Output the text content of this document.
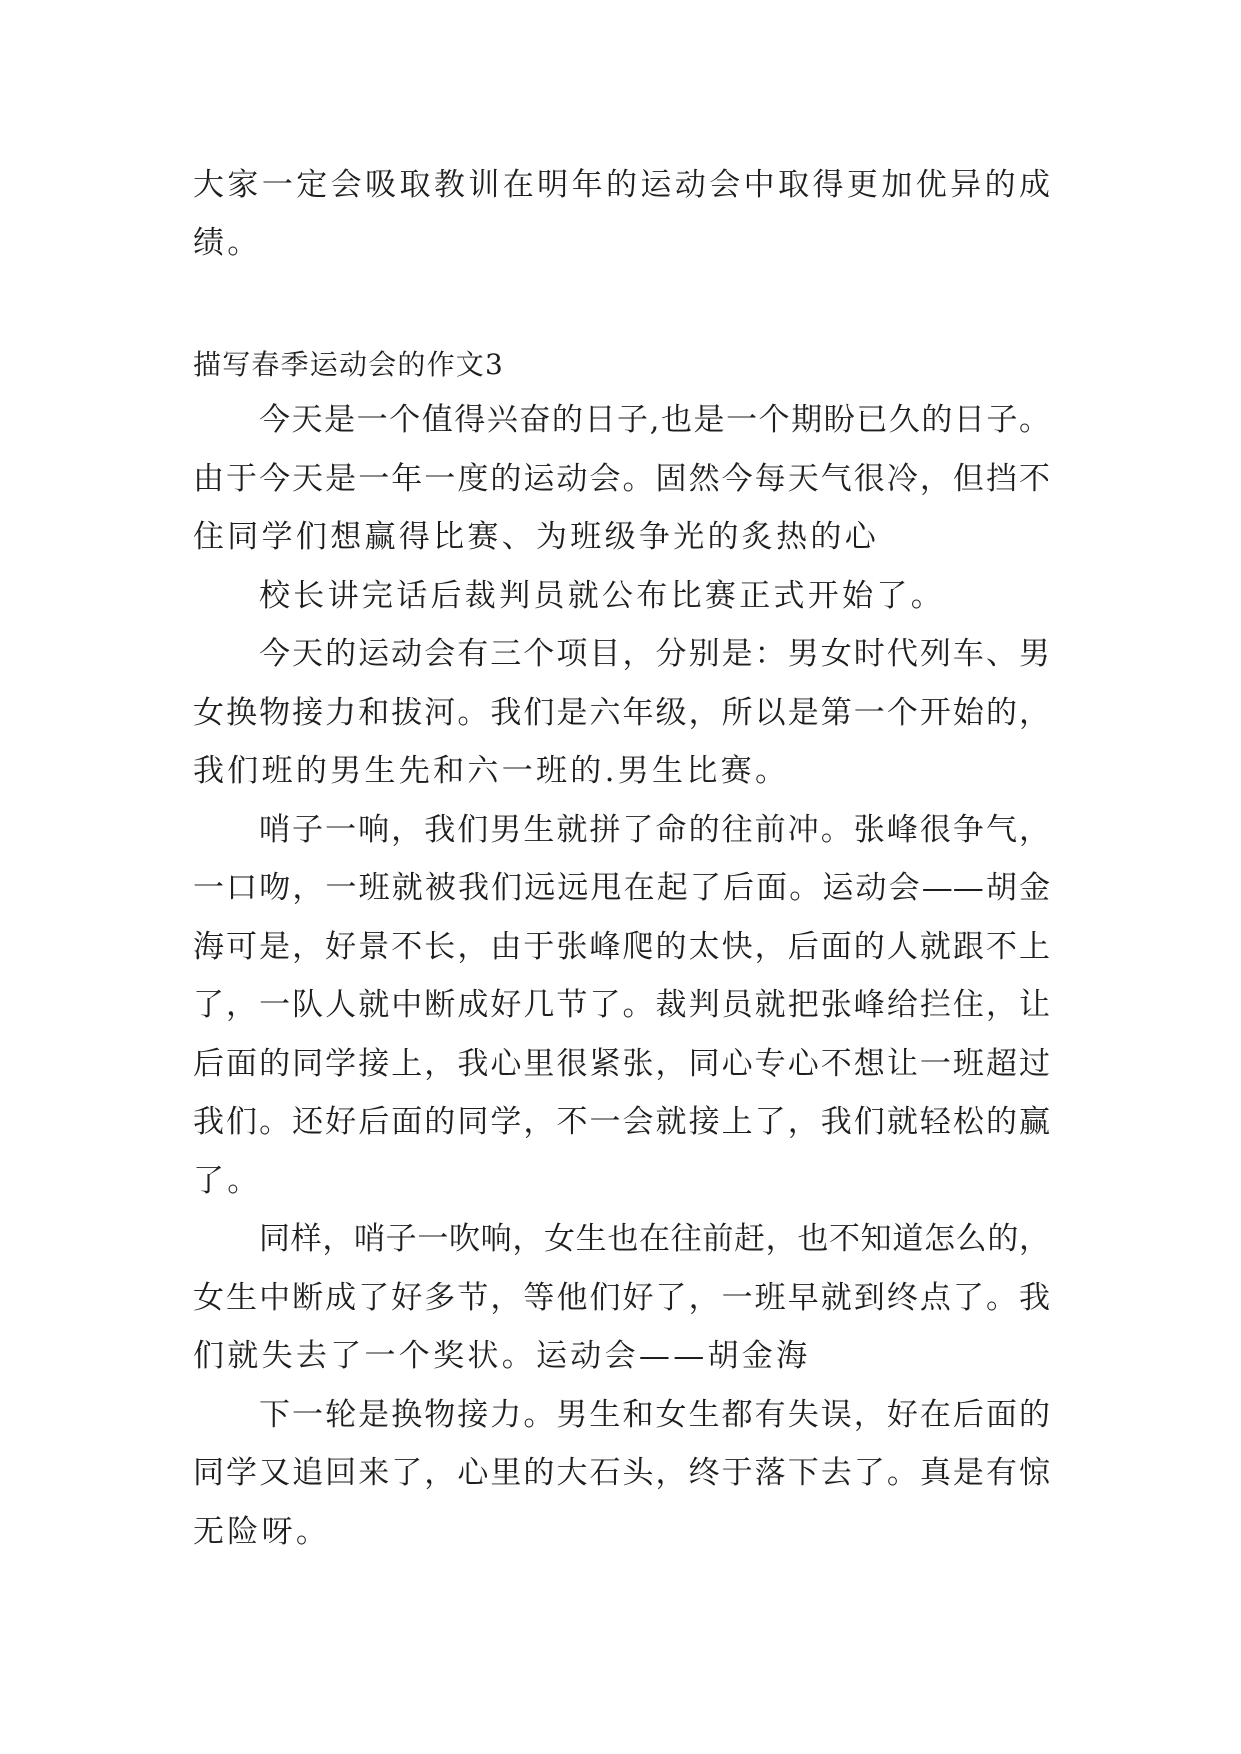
大家一定会吸取教训在明年的运动会中取得更加优异的成
绩。
描写春季运动会的作文3
今天是一个值得兴奋的日子,也是一个期盼已久的日子。
由于今天是一年一度的运动会。固然今每天气很冷，但挡不
住同学们想赢得比赛、为班级争光的炙热的心
校长讲完话后裁判员就公布比赛正式开始了。
今天的运动会有三个项目，分别是：男女时代列车、男
女换物接力和拔河。我们是六年级，所以是第一个开始的，
我们班的男生先和六一班的.男生比赛。
哨子一响，我们男生就拼了命的往前冲。张峰很争气，
一口吻，一班就被我们远远甩在起了后面。运动会——胡金
海可是，好景不长，由于张峰爬的太快，后面的人就跟不上
了，一队人就中断成好几节了。裁判员就把张峰给拦住，让
后面的同学接上，我心里很紧张，同心专心不想让一班超过
我们。还好后面的同学，不一会就接上了，我们就轻松的赢
了。
同样，哨子一吹响，女生也在往前赶，也不知道怎么的，
女生中断成了好多节，等他们好了，一班早就到终点了。我
们就失去了一个奖状。运动会——胡金海
下一轮是换物接力。男生和女生都有失误，好在后面的
同学又追回来了，心里的大石头，终于落下去了。真是有惊
无险呀。
